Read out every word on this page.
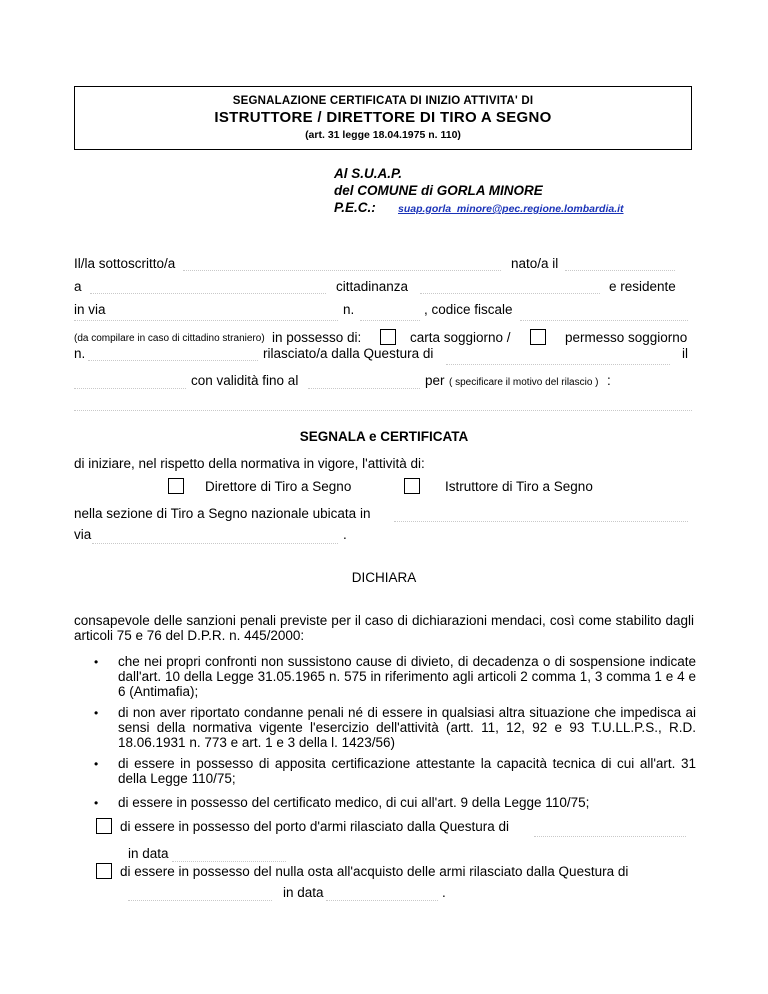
SEGNALAZIONE CERTIFICATA DI INIZIO ATTIVITA' DI
ISTRUTTORE / DIRETTORE DI TIRO A SEGNO
(art. 31 legge 18.04.1975 n. 110)
Al S.U.A.P.
del COMUNE di GORLA MINORE
P.E.C.: suap.gorla_minore@pec.regione.lombardia.it
Il/la sottoscritto/a	nato/a il
a	cittadinanza	e residente
in via	n.	, codice fiscale
(da compilare in caso di cittadino straniero) in possesso di:	carta soggiorno /	permesso soggiorno
n.	rilasciato/a dalla Questura di	il
con validità fino al	per ( specificare il motivo del rilascio ) :
SEGNALA e CERTIFICATA
di iniziare, nel rispetto della normativa in vigore, l'attività di:
Direttore di Tiro a Segno	Istruttore di Tiro a Segno
nella sezione di Tiro a Segno nazionale ubicata in
via	.
DICHIARA
consapevole delle sanzioni penali previste per il caso di dichiarazioni mendaci, così come stabilito dagli articoli 75 e 76 del D.P.R. n. 445/2000:
• che nei propri confronti non sussistono cause di divieto, di decadenza o di sospensione indicate dall'art. 10 della Legge 31.05.1965 n. 575 in riferimento agli articoli 2 comma 1, 3 comma 1 e 4 e 6 (Antimafia);
• di non aver riportato condanne penali né di essere in qualsiasi altra situazione che impedisca ai sensi della normativa vigente l'esercizio dell'attività (artt. 11, 12, 92 e 93 T.U.LL.P.S., R.D. 18.06.1931 n. 773 e art. 1 e 3 della l. 1423/56)
• di essere in possesso di apposita certificazione attestante la capacità tecnica di cui all'art. 31 della Legge 110/75;
• di essere in possesso del certificato medico, di cui all'art. 9 della Legge 110/75;
di essere in possesso del porto d'armi rilasciato dalla Questura di
in data
di essere in possesso del nulla osta all'acquisto delle armi rilasciato dalla Questura di
in data	.
